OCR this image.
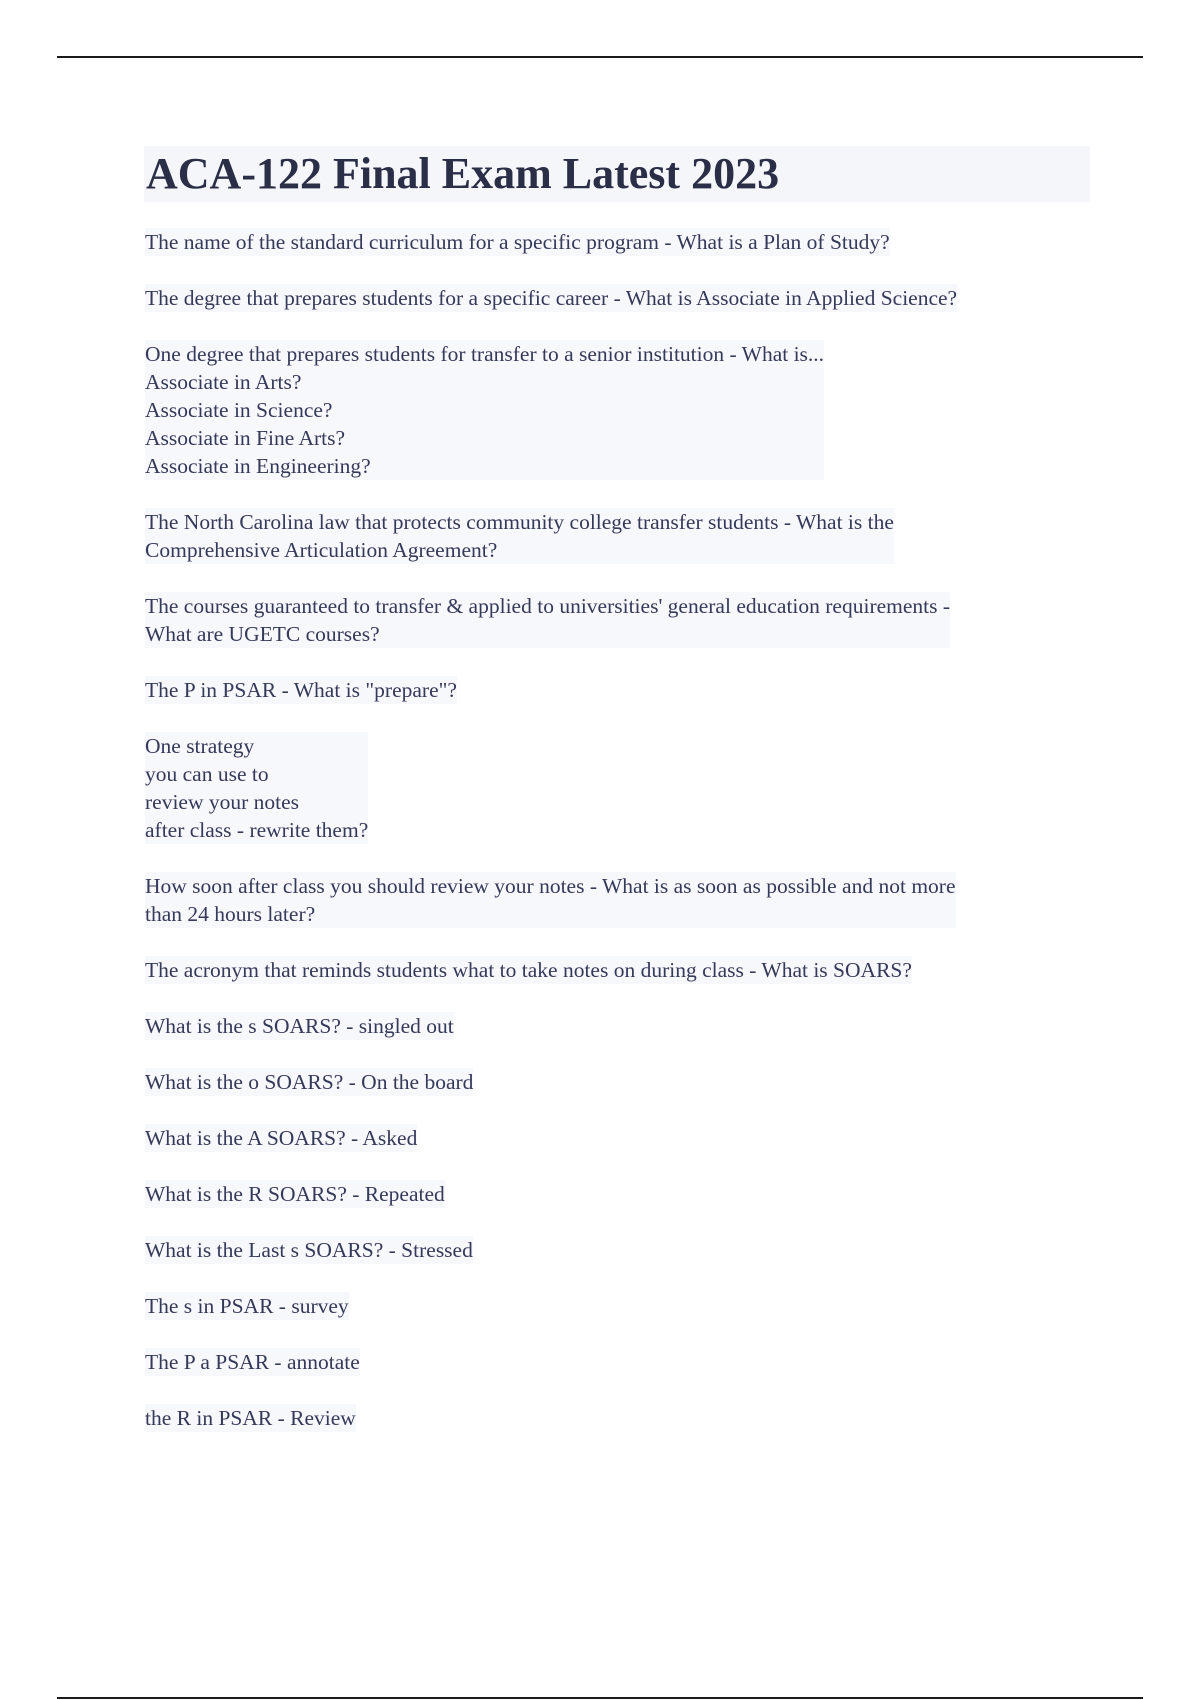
ACA-122 Final Exam Latest 2023
The name of the standard curriculum for a specific program - What is a Plan of Study?
The degree that prepares students for a specific career - What is Associate in Applied Science?
One degree that prepares students for transfer to a senior institution - What is...
Associate in Arts?
Associate in Science?
Associate in Fine Arts?
Associate in Engineering?
The North Carolina law that protects community college transfer students - What is the
Comprehensive Articulation Agreement?
The courses guaranteed to transfer & applied to universities' general education requirements -
What are UGETC courses?
The P in PSAR - What is "prepare"?
One strategy
you can use to
review your notes
after class - rewrite them?
How soon after class you should review your notes - What is as soon as possible and not more
than 24 hours later?
The acronym that reminds students what to take notes on during class - What is SOARS?
What is the s SOARS? - singled out
What is the o SOARS? - On the board
What is the A SOARS? - Asked
What is the R SOARS? - Repeated
What is the Last s SOARS? - Stressed
The s in PSAR - survey
The P a PSAR - annotate
the R in PSAR - Review
